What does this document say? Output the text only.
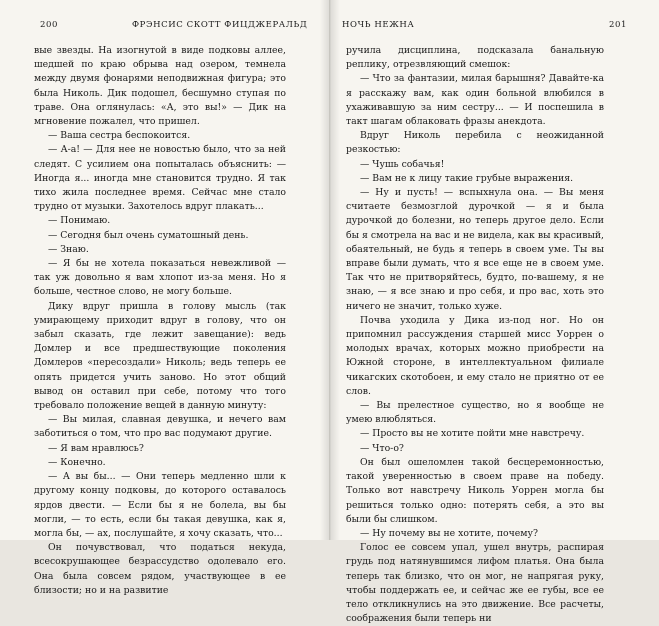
200	ФРЭНСИС СКОТТ ФИЦДЖЕРАЛЬД

вые звезды. На изогнутой в виде подковы аллее, шедшей по краю обрыва над озером, темнела между двумя фонарями неподвижная фигура; это была Николь. Дик подошел, бесшумно ступая по траве. Она оглянулась: «А, это вы!» — Дик на мгновение пожалел, что пришел.

— Ваша сестра беспокоится.

— А-а! — Для нее не новостью было, что за ней следят. С усилием она попыталась объяснить: — Иногда я... иногда мне становится трудно. Я так тихо жила последнее время. Сейчас мне стало трудно от музыки. Захотелось вдруг плакать...

— Понимаю.

— Сегодня был очень суматошный день.

— Знаю.

— Я бы не хотела показаться невежливой — так уж довольно я вам хлопот из-за меня. Но я больше, честное слово, не могу больше.

Дику вдруг пришла в голову мысль (так умирающему приходит вдруг в голову, что он забыл сказать, где лежит завещание): ведь Домлер и все предшествующие поколения Домлеров «пересоздали» Николь; ведь теперь ее опять придется учить заново. Но этот общий вывод он оставил при себе, потому что того требовало положение вещей в данную минуту:

— Вы милая, славная девушка, и нечего вам заботиться о том, что про вас подумают другие.

— Я вам нравлюсь?

— Конечно.

— А вы бы... — Они теперь медленно шли к другому концу подковы, до которого оставалось ярдов двести. — Если бы я не болела, вы бы могли, — то есть, если бы такая девушка, как я, могла бы, — ах, послушайте, я хочу сказать, что...

Он почувствовал, что податься некуда, всесокрушающее безрассудство одолевало его. Она была совсем рядом, участвующее в ее близости; но и на развитие

НОЧЬ НЕЖНА	201

ручила дисциплина, подсказала банальную реплику, отрезвляющий смешок:

— Что за фантазии, милая барышня? Давайте-ка я расскажу вам, как один больной влюбился в ухаживавшую за ним сестру... — И поспешила в такт шагам облаковать фразы анекдота.

Вдруг Николь перебила с неожиданной резкостью:

— Чушь собачья!

— Вам не к лицу такие грубые выражения.

— Ну и пусть! — вспыхнула она. — Вы меня считаете безмозглой дурочкой — я и была дурочкой до болезни, но теперь другое дело. Если бы я смотрела на вас и не видела, как вы красивый, обаятельный, не будь я теперь в своем уме. Ты вы вправе были думать, что я все еще не в своем уме. Так что не притворяйтесь, будто, по-вашему, я не знаю, — я все знаю и про себя, и про вас, хоть это ничего не значит, только хуже.

Почва уходила у Дика из-под ног. Но он припомнил рассуждения старшей мисс Уоррен о молодых врачах, которых можно приобрести на Южной стороне, в интеллектуальном филиале чикагских скотобоен, и ему стало не приятно от ее слов.

— Вы прелестное существо, но я вообще не умею влюбляться.

— Просто вы не хотите пойти мне навстречу.

— Что-о?

Он был ошеломлен такой бесцеремонностью, такой уверенностью в своем праве на победу. Только вот навстречу Николь Уоррен могла бы решиться только одно: потерять себя, а это вы были бы слишком.

— Ну почему вы не хотите, почему?

Голос ее совсем упал, ушел внутрь, распирая грудь под натянувшимся лифом платья. Она была теперь так близко, что он мог, не напрягая руку, чтобы поддержать ее, и сейчас же ее губы, все ее тело откликнулись на это движение. Все расчеты, соображения были теперь ни
